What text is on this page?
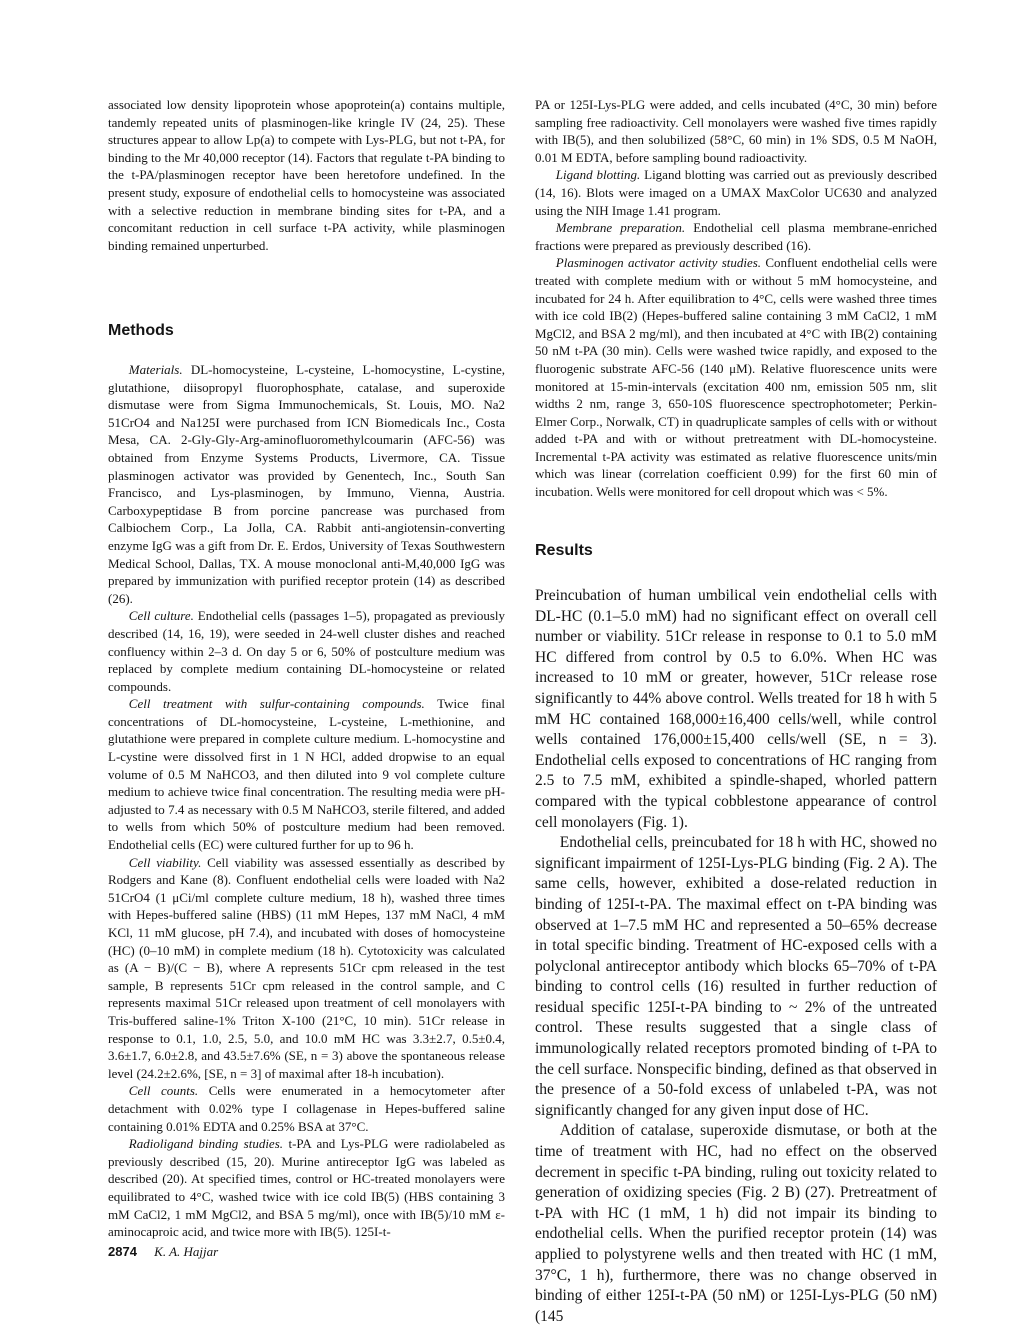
associated low density lipoprotein whose apoprotein(a) contains multiple, tandemly repeated units of plasminogen-like kringle IV (24, 25). These structures appear to allow Lp(a) to compete with Lys-PLG, but not t-PA, for binding to the Mr 40,000 receptor (14). Factors that regulate t-PA binding to the t-PA/plasminogen receptor have been heretofore undefined. In the present study, exposure of endothelial cells to homocysteine was associated with a selective reduction in membrane binding sites for t-PA, and a concomitant reduction in cell surface t-PA activity, while plasminogen binding remained unperturbed.

Methods

Materials. DL-homocysteine, L-cysteine, L-homocystine, L-cystine, glutathione, diisopropyl fluorophosphate, catalase, and superoxide dismutase were from Sigma Immunochemicals, St. Louis, MO. Na2 51CrO4 and Na125I were purchased from ICN Biomedicals Inc., Costa Mesa, CA. 2-Gly-Gly-Arg-aminofluoromethylcoumarin (AFC-56) was obtained from Enzyme Systems Products, Livermore, CA. Tissue plasminogen activator was provided by Genentech, Inc., South San Francisco, and Lys-plasminogen, by Immuno, Vienna, Austria. Carboxypeptidase B from porcine pancrease was purchased from Calbiochem Corp., La Jolla, CA. Rabbit anti-angiotensin-converting enzyme IgG was a gift from Dr. E. Erdos, University of Texas Southwestern Medical School, Dallas, TX. A mouse monoclonal anti-M,40,000 IgG was prepared by immunization with purified receptor protein (14) as described (26).

Cell culture. Endothelial cells (passages 1–5), propagated as previously described (14, 16, 19), were seeded in 24-well cluster dishes and reached confluency within 2–3 d. On day 5 or 6, 50% of postculture medium was replaced by complete medium containing DL-homocysteine or related compounds.

Cell treatment with sulfur-containing compounds. Twice final concentrations of DL-homocysteine, L-cysteine, L-methionine, and glutathione were prepared in complete culture medium. L-homocystine and L-cystine were dissolved first in 1 N HCl, added dropwise to an equal volume of 0.5 M NaHCO3, and then diluted into 9 vol complete culture medium to achieve twice final concentration. The resulting media were pH-adjusted to 7.4 as necessary with 0.5 M NaHCO3, sterile filtered, and added to wells from which 50% of postculture medium had been removed. Endothelial cells (EC) were cultured further for up to 96 h.

Cell viability. Cell viability was assessed essentially as described by Rodgers and Kane (8). Confluent endothelial cells were loaded with Na2 51CrO4 (1 μCi/ml complete culture medium, 18 h), washed three times with Hepes-buffered saline (HBS) (11 mM Hepes, 137 mM NaCl, 4 mM KCl, 11 mM glucose, pH 7.4), and incubated with doses of homocysteine (HC) (0–10 mM) in complete medium (18 h). Cytotoxicity was calculated as (A − B)/(C − B), where A represents 51Cr cpm released in the test sample, B represents 51Cr cpm released in the control sample, and C represents maximal 51Cr released upon treatment of cell monolayers with Tris-buffered saline-1% Triton X-100 (21°C, 10 min). 51Cr release in response to 0.1, 1.0, 2.5, 5.0, and 10.0 mM HC was 3.3±2.7, 0.5±0.4, 3.6±1.7, 6.0±2.8, and 43.5±7.6% (SE, n = 3) above the spontaneous release level (24.2±2.6%, [SE, n = 3] of maximal after 18-h incubation).

Cell counts. Cells were enumerated in a hemocytometer after detachment with 0.02% type I collagenase in Hepes-buffered saline containing 0.01% EDTA and 0.25% BSA at 37°C.

Radioligand binding studies. t-PA and Lys-PLG were radiolabeled as previously described (15, 20). Murine antireceptor IgG was labeled as described (20). At specified times, control or HC-treated monolayers were equilibrated to 4°C, washed twice with ice cold IB(5) (HBS containing 3 mM CaCl2, 1 mM MgCl2, and BSA 5 mg/ml), once with IB(5)/10 mM ε-aminocaproic acid, and twice more with IB(5). 125I-t-

PA or 125I-Lys-PLG were added, and cells incubated (4°C, 30 min) before sampling free radioactivity. Cell monolayers were washed five times rapidly with IB(5), and then solubilized (58°C, 60 min) in 1% SDS, 0.5 M NaOH, 0.01 M EDTA, before sampling bound radioactivity.

Ligand blotting. Ligand blotting was carried out as previously described (14, 16). Blots were imaged on a UMAX MaxColor UC630 and analyzed using the NIH Image 1.41 program.

Membrane preparation. Endothelial cell plasma membrane-enriched fractions were prepared as previously described (16).

Plasminogen activator activity studies. Confluent endothelial cells were treated with complete medium with or without 5 mM homocysteine, and incubated for 24 h. After equilibration to 4°C, cells were washed three times with ice cold IB(2) (Hepes-buffered saline containing 3 mM CaCl2, 1 mM MgCl2, and BSA 2 mg/ml), and then incubated at 4°C with IB(2) containing 50 nM t-PA (30 min). Cells were washed twice rapidly, and exposed to the fluorogenic substrate AFC-56 (140 μM). Relative fluorescence units were monitored at 15-min-intervals (excitation 400 nm, emission 505 nm, slit widths 2 nm, range 3, 650-10S fluorescence spectrophotometer; Perkin-Elmer Corp., Norwalk, CT) in quadruplicate samples of cells with or without added t-PA and with or without pretreatment with DL-homocysteine. Incremental t-PA activity was estimated as relative fluorescence units/min which was linear (correlation coefficient 0.99) for the first 60 min of incubation. Wells were monitored for cell dropout which was < 5%.

Results

Preincubation of human umbilical vein endothelial cells with DL-HC (0.1–5.0 mM) had no significant effect on overall cell number or viability. 51Cr release in response to 0.1 to 5.0 mM HC differed from control by 0.5 to 6.0%. When HC was increased to 10 mM or greater, however, 51Cr release rose significantly to 44% above control. Wells treated for 18 h with 5 mM HC contained 168,000±16,400 cells/well, while control wells contained 176,000±15,400 cells/well (SE, n = 3). Endothelial cells exposed to concentrations of HC ranging from 2.5 to 7.5 mM, exhibited a spindle-shaped, whorled pattern compared with the typical cobblestone appearance of control cell monolayers (Fig. 1).

Endothelial cells, preincubated for 18 h with HC, showed no significant impairment of 125I-Lys-PLG binding (Fig. 2 A). The same cells, however, exhibited a dose-related reduction in binding of 125I-t-PA. The maximal effect on t-PA binding was observed at 1–7.5 mM HC and represented a 50–65% decrease in total specific binding. Treatment of HC-exposed cells with a polyclonal antireceptor antibody which blocks 65–70% of t-PA binding to control cells (16) resulted in further reduction of residual specific 125I-t-PA binding to ~ 2% of the untreated control. These results suggested that a single class of immunologically related receptors promoted binding of t-PA to the cell surface. Nonspecific binding, defined as that observed in the presence of a 50-fold excess of unlabeled t-PA, was not significantly changed for any given input dose of HC.

Addition of catalase, superoxide dismutase, or both at the time of treatment with HC, had no effect on the observed decrement in specific t-PA binding, ruling out toxicity related to generation of oxidizing species (Fig. 2 B) (27). Pretreatment of t-PA with HC (1 mM, 1 h) did not impair its binding to endothelial cells. When the purified receptor protein (14) was applied to polystyrene wells and then treated with HC (1 mM, 37°C, 1 h), furthermore, there was no change observed in binding of either 125I-t-PA (50 nM) or 125I-Lys-PLG (50 nM) (145

2874 K. A. Hajjar
